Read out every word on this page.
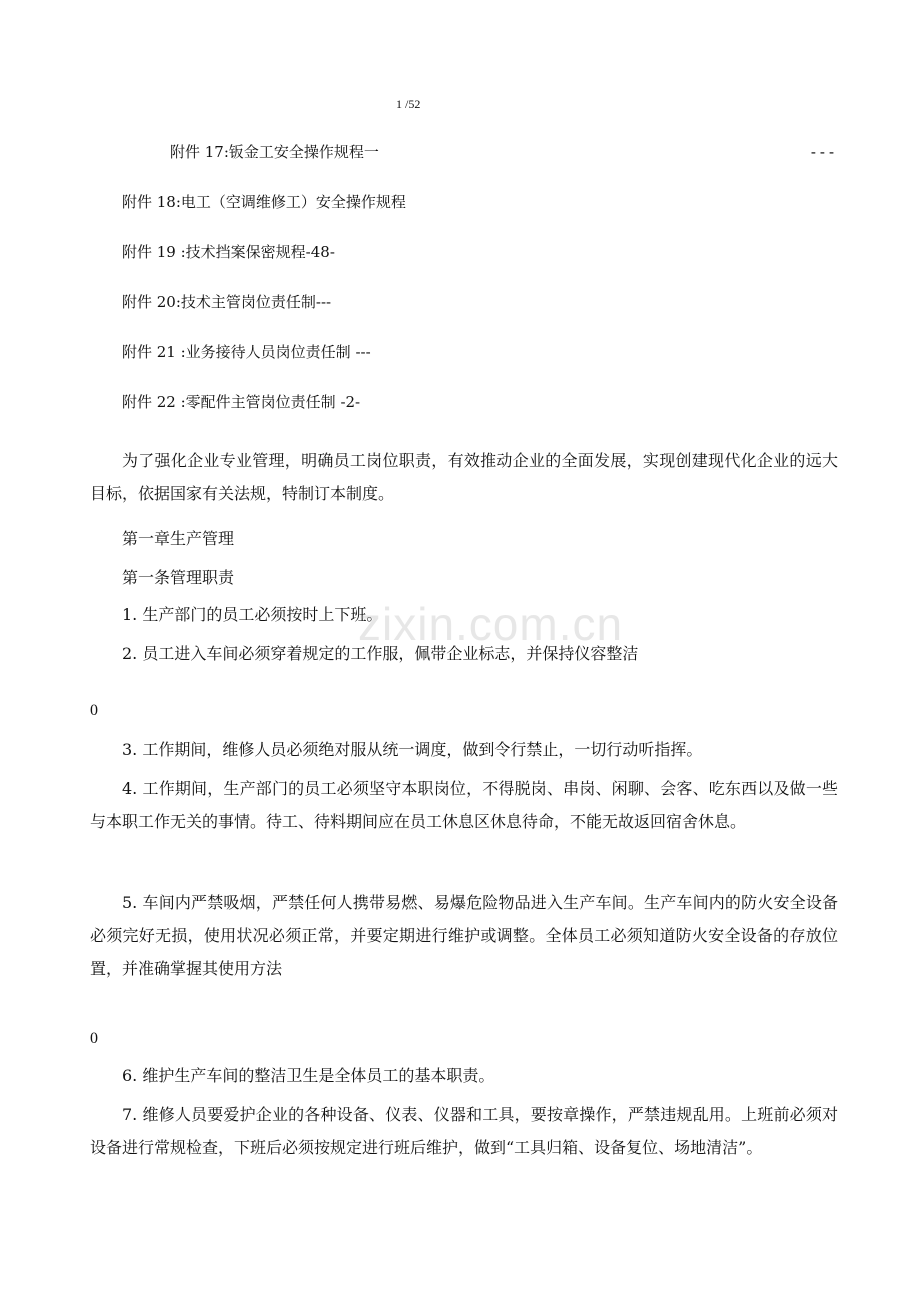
1 /52
附件 17:钣金工安全操作规程一	---
附件 18:电工（空调维修工）安全操作规程
附件 19 :技术挡案保密规程-48-
附件 20:技术主管岗位责任制---
附件 21 :业务接待人员岗位责任制 ---
附件 22 :零配件主管岗位责任制 -2-

为了强化企业专业管理，明确员工岗位职责，有效推动企业的全面发展，实现创建现代化企业的远大目标，依据国家有关法规，特制订本制度。

第一章生产管理

第一条管理职责

1. 生产部门的员工必须按时上下班。

2. 员工进入车间必须穿着规定的工作服，佩带企业标志，并保持仪容整洁

0

3. 工作期间，维修人员必须绝对服从统一调度，做到令行禁止，一切行动听指挥。

4. 工作期间，生产部门的员工必须坚守本职岗位，不得脱岗、串岗、闲聊、会客、吃东西以及做一些与本职工作无关的事情。待工、待料期间应在员工休息区休息待命，不能无故返回宿舍休息。

5. 车间内严禁吸烟，严禁任何人携带易燃、易爆危险物品进入生产车间。生产车间内的防火安全设备必须完好无损，使用状况必须正常，并要定期进行维护或调整。全体员工必须知道防火安全设备的存放位置，并准确掌握其使用方法

0

6. 维护生产车间的整洁卫生是全体员工的基本职责。

7. 维修人员要爱护企业的各种设备、仪表、仪器和工具，要按章操作，严禁违规乱用。上班前必须对设备进行常规检查，下班后必须按规定进行班后维护，做到“工具归箱、设备复位、场地清洁”。

zixin.com.cn
